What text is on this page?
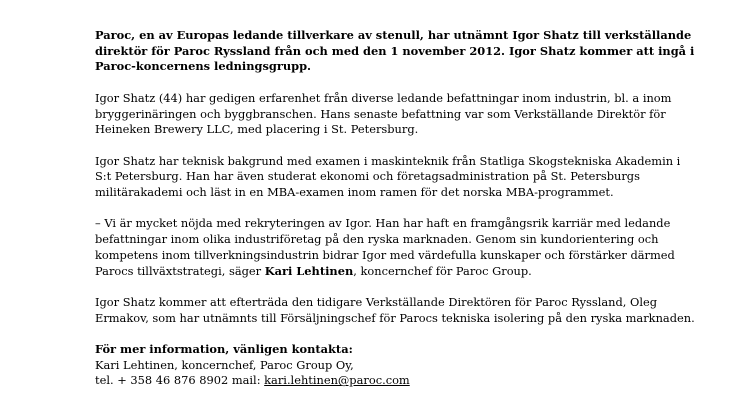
Paroc, en av Europas ledande tillverkare av stenull, har utnämnt Igor Shatz till verkställande direktör för Paroc Ryssland från och med den 1 november 2012. Igor Shatz kommer att ingå i Paroc-koncernens ledningsgrupp.

Igor Shatz (44) har gedigen erfarenhet från diverse ledande befattningar inom industrin, bl. a inom bryggerinäringen och byggbranschen. Hans senaste befattning var som Verkställande Direktör för Heineken Brewery LLC, med placering i St. Petersburg.

Igor Shatz har teknisk bakgrund med examen i maskinteknik från Statliga Skogstekniska Akademin i S:t Petersburg. Han har även studerat ekonomi och företagsadministration på St. Petersburgs militärakademi och läst in en MBA-examen inom ramen för det norska MBA-programmet.

– Vi är mycket nöjda med rekryteringen av Igor. Han har haft en framgångsrik karriär med ledande befattningar inom olika industriföretag på den ryska marknaden. Genom sin kundorientering och kompetens inom tillverkningsindustrin bidrar Igor med värdefulla kunskaper och förstärker därmed Parocs tillväxtstrategi, säger Kari Lehtinen, koncernchef för Paroc Group.

Igor Shatz kommer att efterträda den tidigare Verkställande Direktören för Paroc Ryssland, Oleg Ermakov, som har utnämnts till Försäljningschef för Parocs tekniska isolering på den ryska marknaden.

För mer information, vänligen kontakta:

Kari Lehtinen, koncernchef, Paroc Group Oy,

tel. + 358 46 876 8902 mail: kari.lehtinen@paroc.com
